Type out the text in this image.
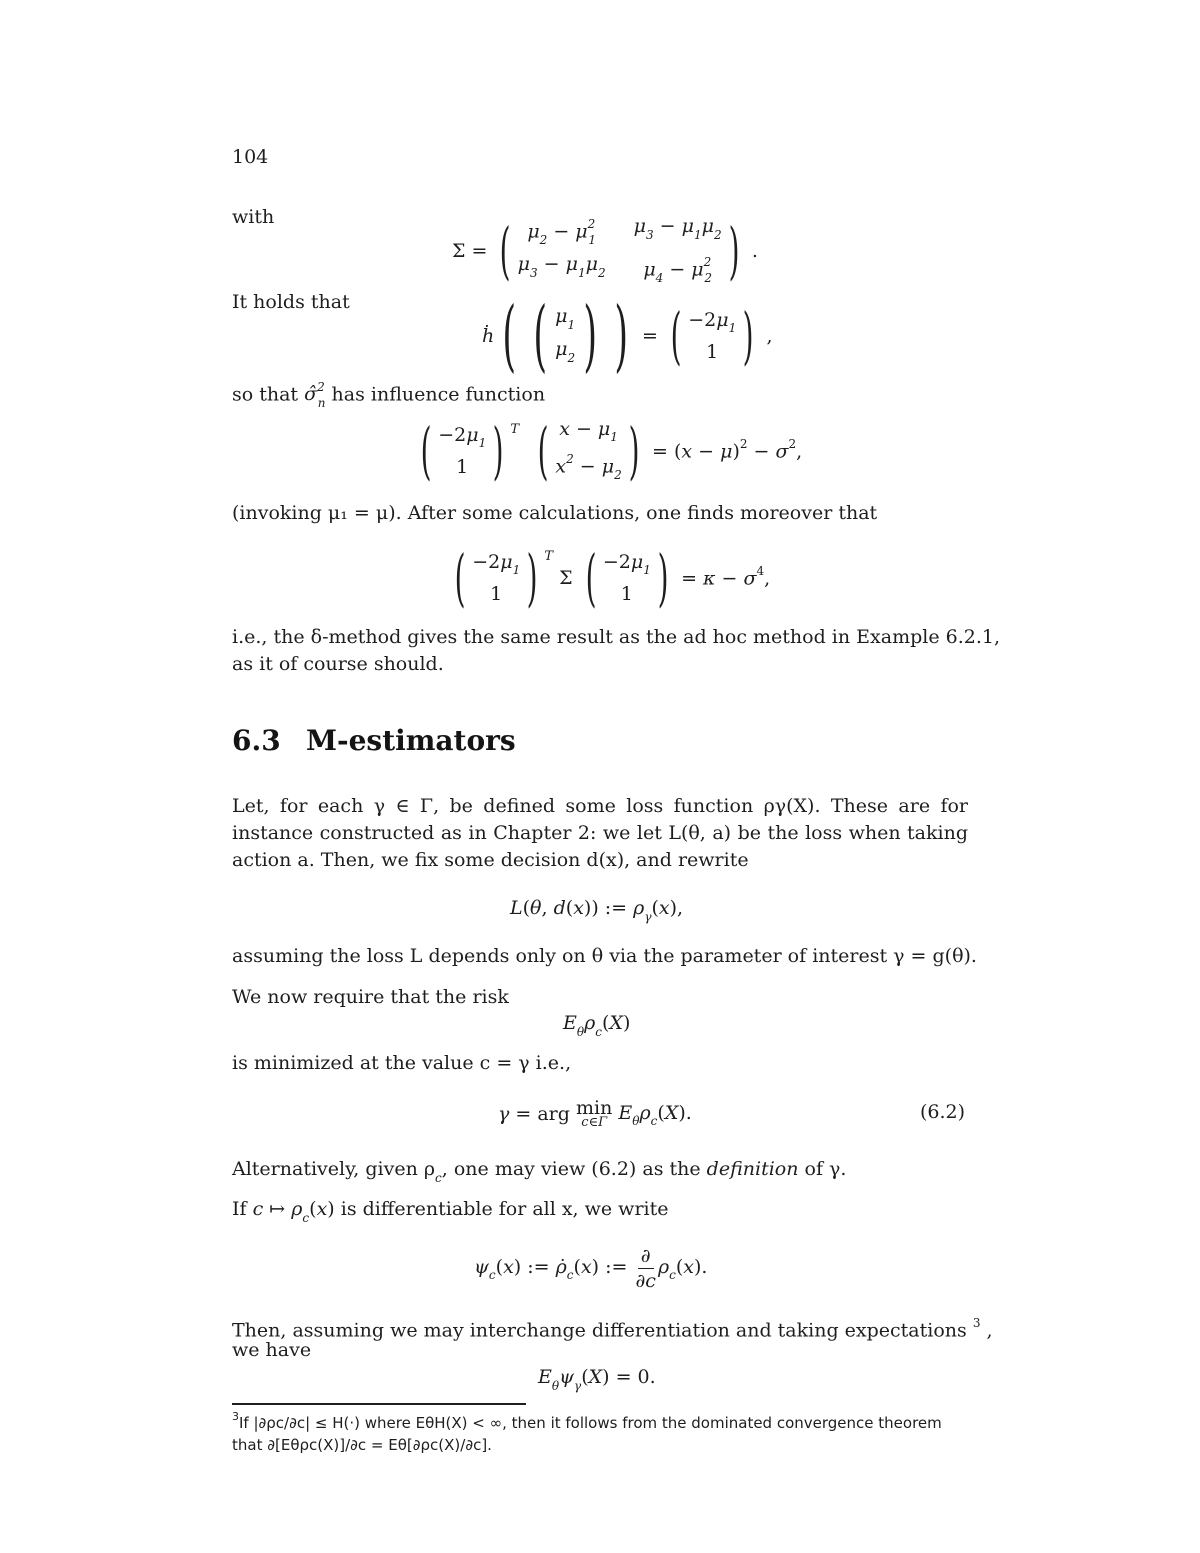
104
with
Σ = ( $\mu_2 - \mu^2_1$
$\mu_3 - \mu_1\mu_2$
$\mu_3 - \mu_1\mu_2$	$\mu_4 - \mu^2_2$ ) .
It holds that
ḣ ( ( $\mu_1$
$\mu_2$ ) ) = ( $-2\mu_1$
1 ) ,
so that σ̂$^2_n$ has influence function
( $-2\mu_1$
1 ) T
( $x - \mu_1$
$x^2 - \mu_2$ ) = $(x - \mu)^2 - \sigma^2$,
(invoking μ₁ = μ). After some calculations, one finds moreover that
( $-2\mu_1$
1 ) T
Σ ( $-2\mu_1$
1 ) = $\kappa - \sigma^4$,
i.e., the δ-method gives the same result as the ad hoc method in Example 6.2.1,
as it of course should.
6.3 M-estimators
Let, for each γ ∈ Γ, be defined some loss function ργ(X). These are for instance constructed as in Chapter 2: we let L(θ, a) be the loss when taking action a. Then, we fix some decision d(x), and rewrite
L(θ, d(x)) := $\rho_\gamma(x)$,
assuming the loss L depends only on θ via the parameter of interest γ = g(θ).
We now require that the risk
$E_\theta\rho_c(X)$
is minimized at the value c = γ i.e.,
γ = arg min
c∈Γ $E_\theta\rho_c(X)$.	(6.2)
Alternatively, given $\rho_c$, one may view (6.2) as the definition of γ.
If c ↦ $\rho_c(x)$ is differentiable for all x, we write
$\psi_c(x)$ := $\rhȯ_c(x)$ := $\frac{\partial}{\partial c} \rho_c(x)$.
Then, assuming we may interchange differentiation and taking expectations $^3$ ,
we have
$E_\theta\psi_\gamma(X) = 0$.
$^3$If |∂ρc/∂c| ≤ H(·) where EθH(X) < ∞, then it follows from the dominated convergence theorem that ∂[Eθρc(X)]/∂c = Eθ[∂ρc(X)/∂c].
